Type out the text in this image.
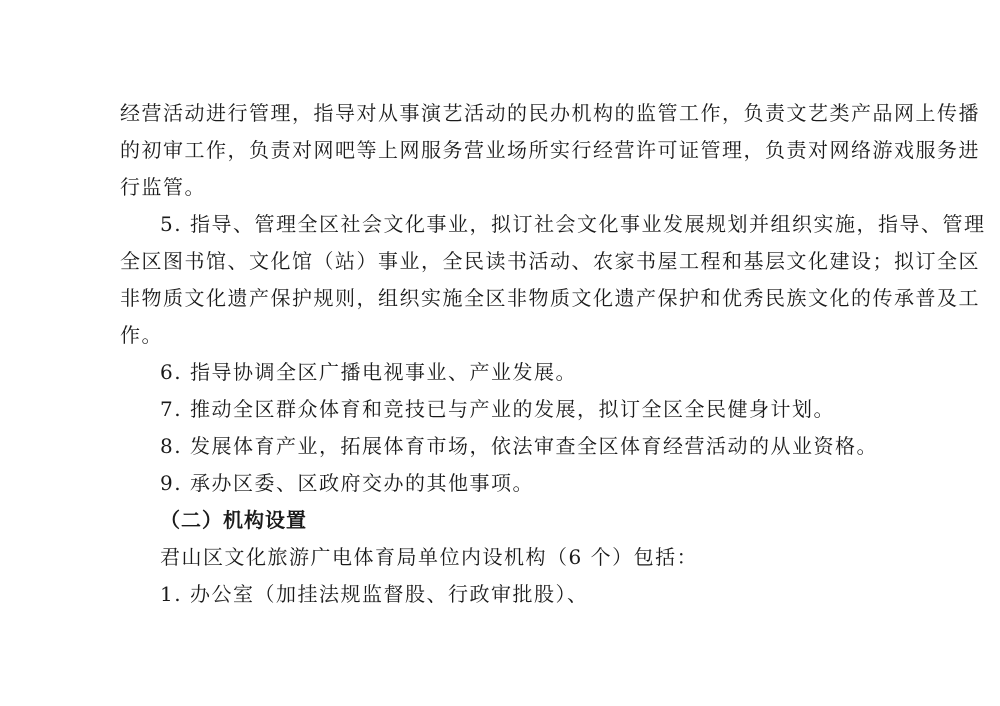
经营活动进行管理，指导对从事演艺活动的民办机构的监管工作，负责文艺类产品网上传播
的初审工作，负责对网吧等上网服务营业场所实行经营许可证管理，负责对网络游戏服务进
行监管。
5. 指导、管理全区社会文化事业，拟订社会文化事业发展规划并组织实施，指导、管理
全区图书馆、文化馆（站）事业，全民读书活动、农家书屋工程和基层文化建设；拟订全区
非物质文化遗产保护规则，组织实施全区非物质文化遗产保护和优秀民族文化的传承普及工
作。
6. 指导协调全区广播电视事业、产业发展。
7. 推动全区群众体育和竞技已与产业的发展，拟订全区全民健身计划。
8. 发展体育产业，拓展体育市场，依法审查全区体育经营活动的从业资格。
9. 承办区委、区政府交办的其他事项。
（二）机构设置
君山区文化旅游广电体育局单位内设机构（6 个）包括：
1. 办公室（加挂法规监督股、行政审批股）、
